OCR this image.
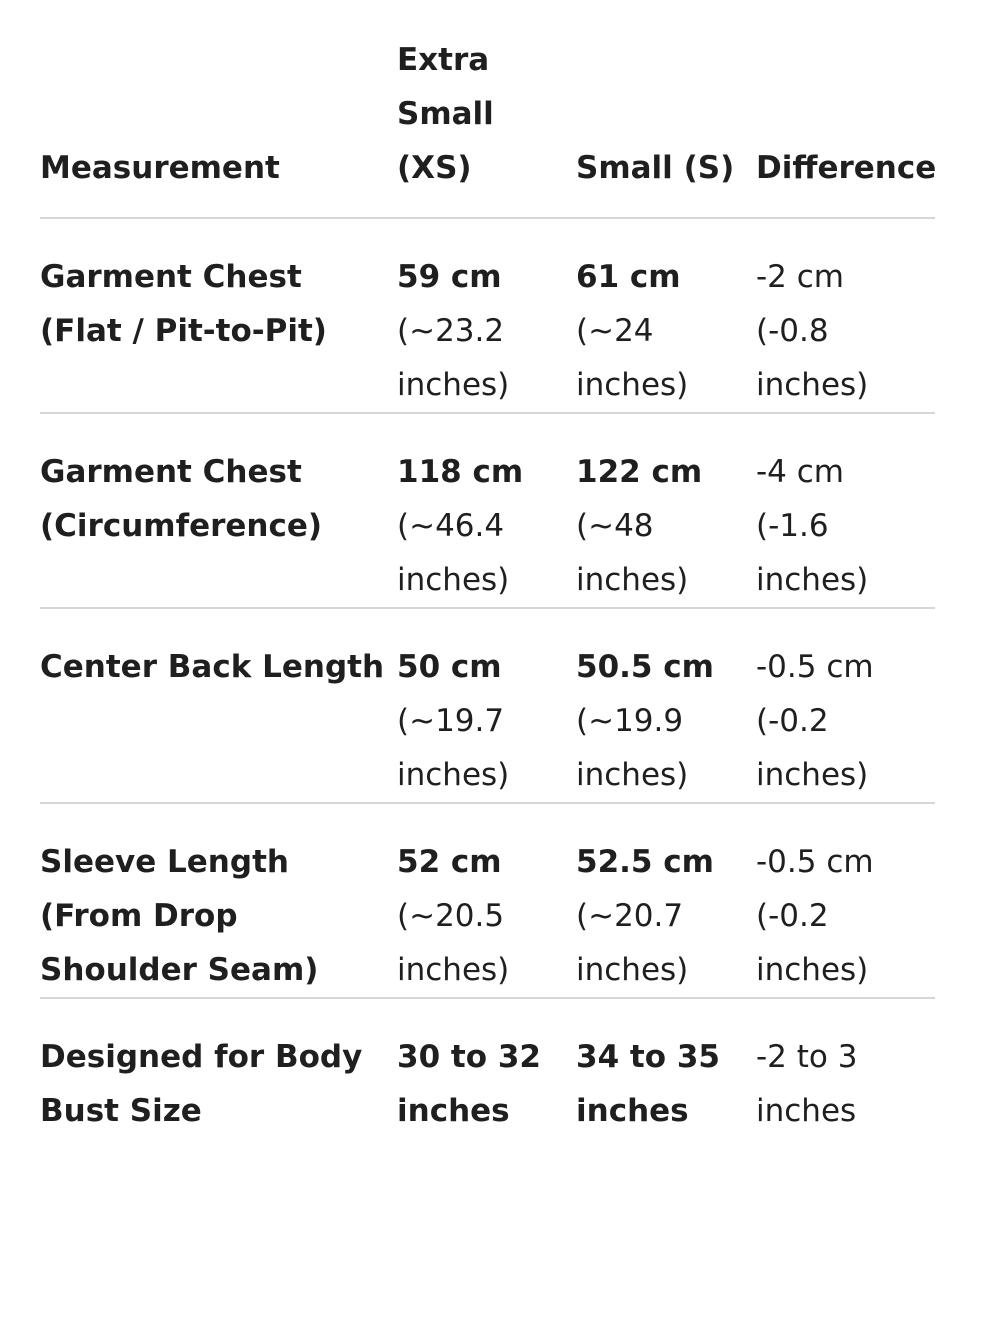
Measurement	Extra Small (XS)	Small (S)	Difference

Garment Chest (Flat / Pit-to-Pit)	59 cm (~23.2 inches)	61 cm (~24 inches)	-2 cm (-0.8 inches)

Garment Chest (Circumference)	118 cm (~46.4 inches)	122 cm (~48 inches)	-4 cm (-1.6 inches)

Center Back Length	50 cm (~19.7 inches)	50.5 cm (~19.9 inches)	-0.5 cm (-0.2 inches)

Sleeve Length (From Drop Shoulder Seam)	52 cm (~20.5 inches)	52.5 cm (~20.7 inches)	-0.5 cm (-0.2 inches)

Designed for Body Bust Size	30 to 32 inches	34 to 35 inches	-2 to 3 inches
